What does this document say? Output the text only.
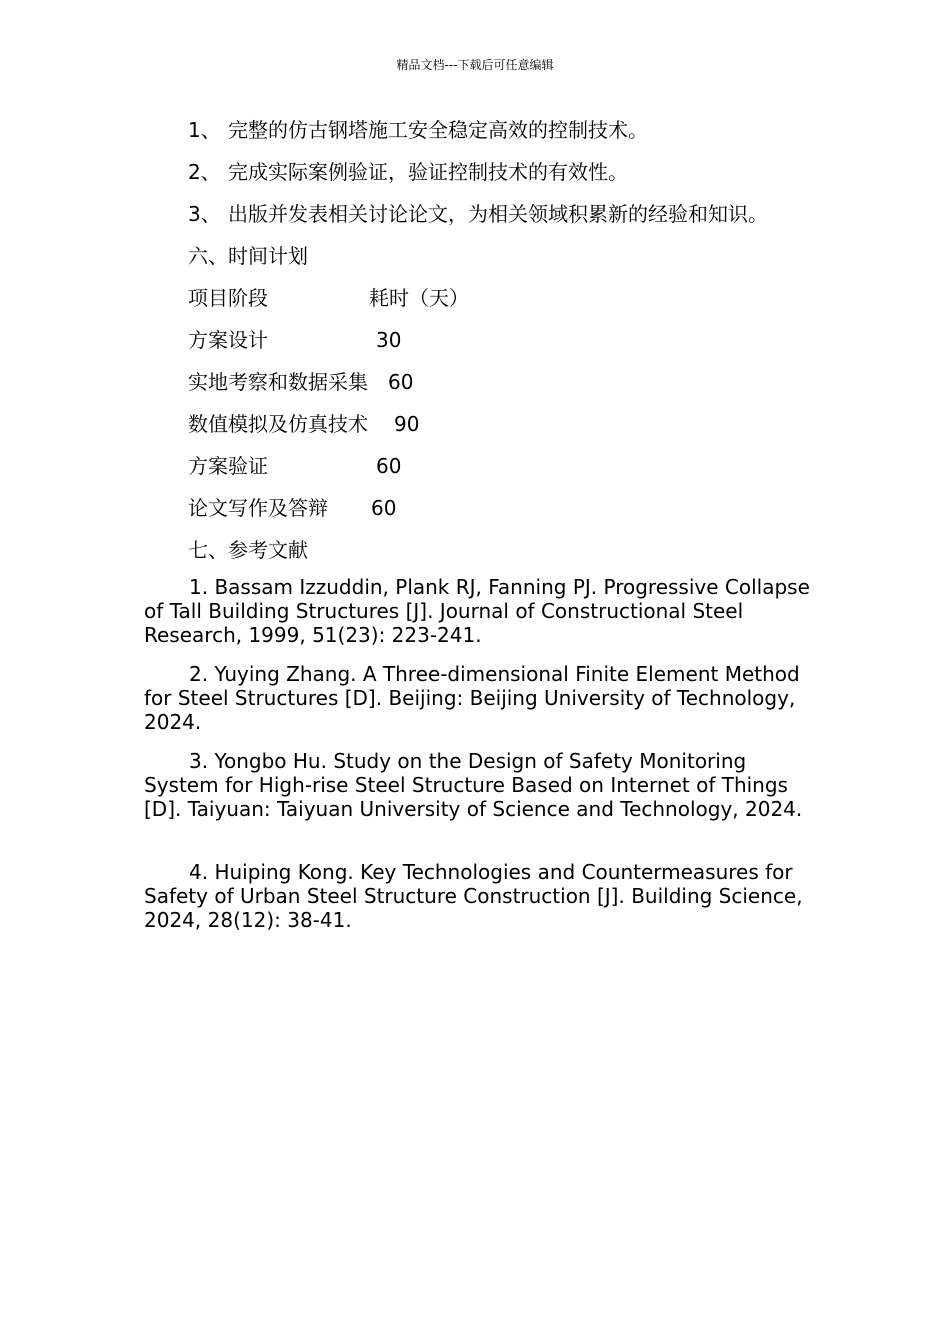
精品文档---下载后可任意编辑
1、 完整的仿古钢塔施工安全稳定高效的控制技术。
2、 完成实际案例验证，验证控制技术的有效性。
3、 出版并发表相关讨论论文，为相关领域积累新的经验和知识。
六、时间计划
项目阶段	耗时（天）
方案设计	30
实地考察和数据采集 60
数值模拟及仿真技术 90
方案验证	60
论文写作及答辩 60
七、参考文献

1. Bassam Izzuddin, Plank RJ, Fanning PJ. Progressive Collapse of Tall Building Structures [J]. Journal of Constructional Steel Research, 1999, 51(23): 223-241.

2. Yuying Zhang. A Three-dimensional Finite Element Method for Steel Structures [D]. Beijing: Beijing University of Technology, 2024.

3. Yongbo Hu. Study on the Design of Safety Monitoring System for High-rise Steel Structure Based on Internet of Things [D]. Taiyuan: Taiyuan University of Science and Technology, 2024.

4. Huiping Kong. Key Technologies and Countermeasures for Safety of Urban Steel Structure Construction [J]. Building Science, 2024, 28(12): 38-41.
